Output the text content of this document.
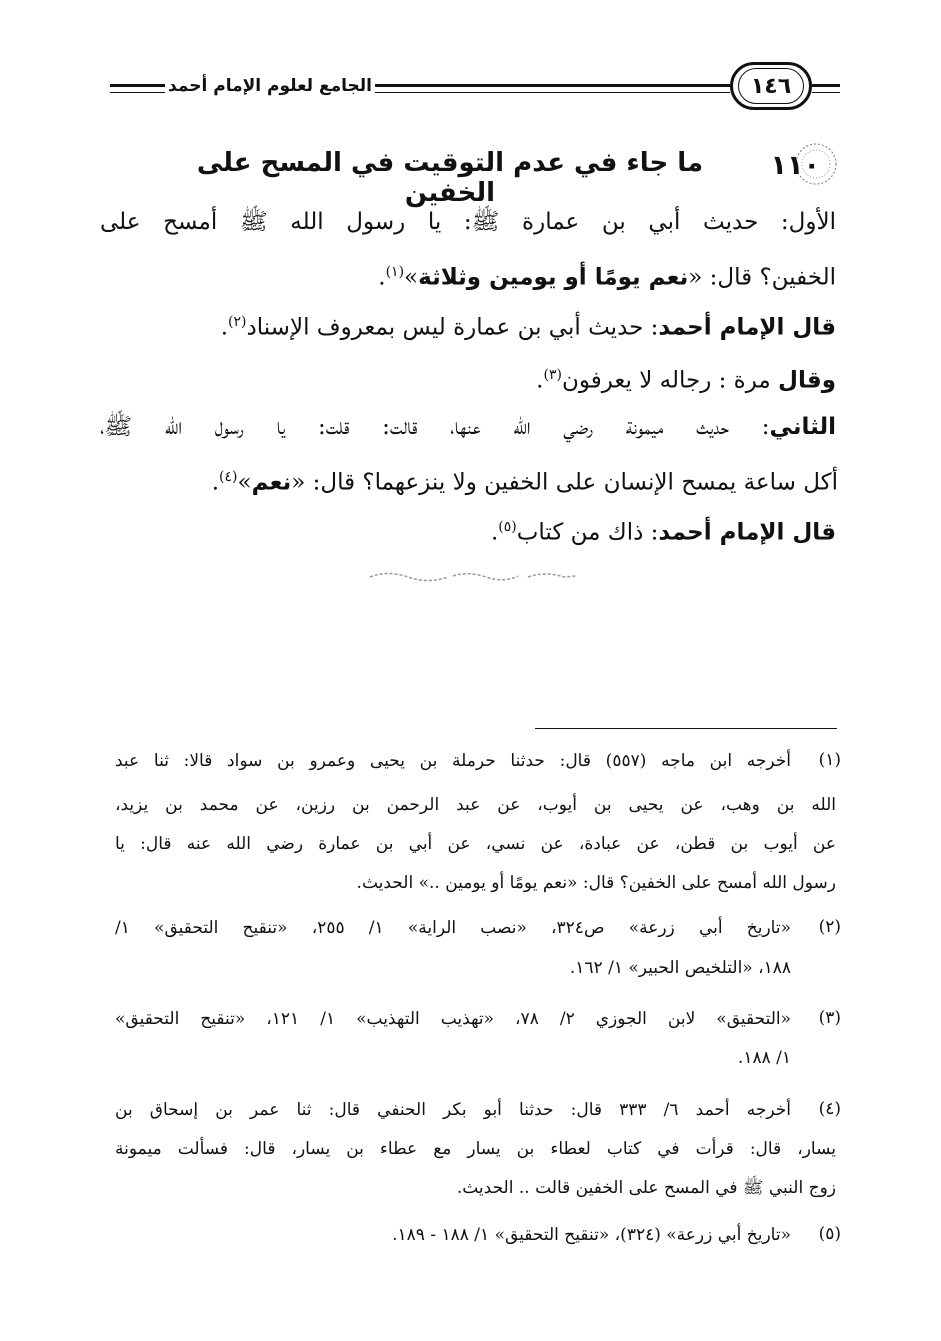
١٤٦
الجامع لعلوم الإمام أحمد
١١٠
ما جاء في عدم التوقيت في المسح على الخفين
الأول: حديث أبي بن عمارة ﷺ: يا رسول الله ﷺ أمسح على
الخفين؟ قال: «نعم يومًا أو يومين وثلاثة»$^{(١)}$.
قال الإمام أحمد: حديث أبي بن عمارة ليس بمعروف الإسناد$^{(٢)}$.
وقال مرة : رجاله لا يعرفون$^{(٣)}$.
الثاني: حديث ميمونة رضي الله عنها، قالت: قلت: يا رسول الله ﷺ،
أكل ساعة يمسح الإنسان على الخفين ولا ينزعهما؟ قال: «نعم»$^{(٤)}$.
قال الإمام أحمد: ذاك من كتاب$^{(٥)}$.
(١)
أخرجه ابن ماجه (٥٥٧) قال: حدثنا حرملة بن يحيى وعمرو بن سواد قالا: ثنا عبد
الله بن وهب، عن يحيى بن أيوب، عن عبد الرحمن بن رزين، عن محمد بن يزيد،
عن أيوب بن قطن، عن عبادة، عن نسي، عن أبي بن عمارة رضي الله عنه قال: يا
رسول الله أمسح على الخفين؟ قال: «نعم يومًا أو يومين ..» الحديث.
(٢)
«تاريخ أبي زرعة» ص٣٢٤، «نصب الراية» ١/ ٢٥٥، «تنقيح التحقيق» ١/
١٨٨، «التلخيص الحبير» ١/ ١٦٢.
(٣)
«التحقيق» لابن الجوزي ٢/ ٧٨، «تهذيب التهذيب» ١/ ١٢١، «تنقيح التحقيق»
١/ ١٨٨.
(٤)
أخرجه أحمد ٦/ ٣٣٣ قال: حدثنا أبو بكر الحنفي قال: ثنا عمر بن إسحاق بن
يسار، قال: قرأت في كتاب لعطاء بن يسار مع عطاء بن يسار، قال: فسألت ميمونة
زوج النبي ﷺ في المسح على الخفين قالت .. الحديث.
(٥)
«تاريخ أبي زرعة» (٣٢٤)، «تنقيح التحقيق» ١/ ١٨٨ - ١٨٩.
